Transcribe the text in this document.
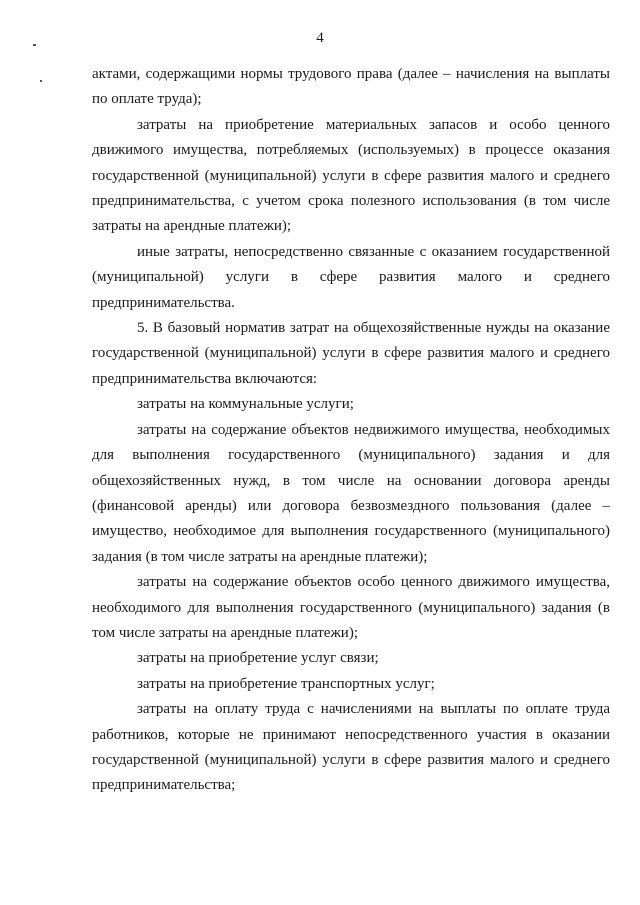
4

актами, содержащими нормы трудового права (далее – начисления на выплаты по оплате труда);

затраты на приобретение материальных запасов и особо ценного движимого имущества, потребляемых (используемых) в процессе оказания государственной (муниципальной) услуги в сфере развития малого и среднего предпринимательства, с учетом срока полезного использования (в том числе затраты на арендные платежи);

иные затраты, непосредственно связанные с оказанием государственной (муниципальной) услуги в сфере развития малого и среднего предпринимательства.

5. В базовый норматив затрат на общехозяйственные нужды на оказание государственной (муниципальной) услуги в сфере развития малого и среднего предпринимательства включаются:

затраты на коммунальные услуги;

затраты на содержание объектов недвижимого имущества, необходимых для выполнения государственного (муниципального) задания и для общехозяйственных нужд, в том числе на основании договора аренды (финансовой аренды) или договора безвозмездного пользования (далее – имущество, необходимое для выполнения государственного (муниципального) задания (в том числе затраты на арендные платежи);

затраты на содержание объектов особо ценного движимого имущества, необходимого для выполнения государственного (муниципального) задания (в том числе затраты на арендные платежи);

затраты на приобретение услуг связи;

затраты на приобретение транспортных услуг;

затраты на оплату труда с начислениями на выплаты по оплате труда работников, которые не принимают непосредственного участия в оказании государственной (муниципальной) услуги в сфере развития малого и среднего предпринимательства;
